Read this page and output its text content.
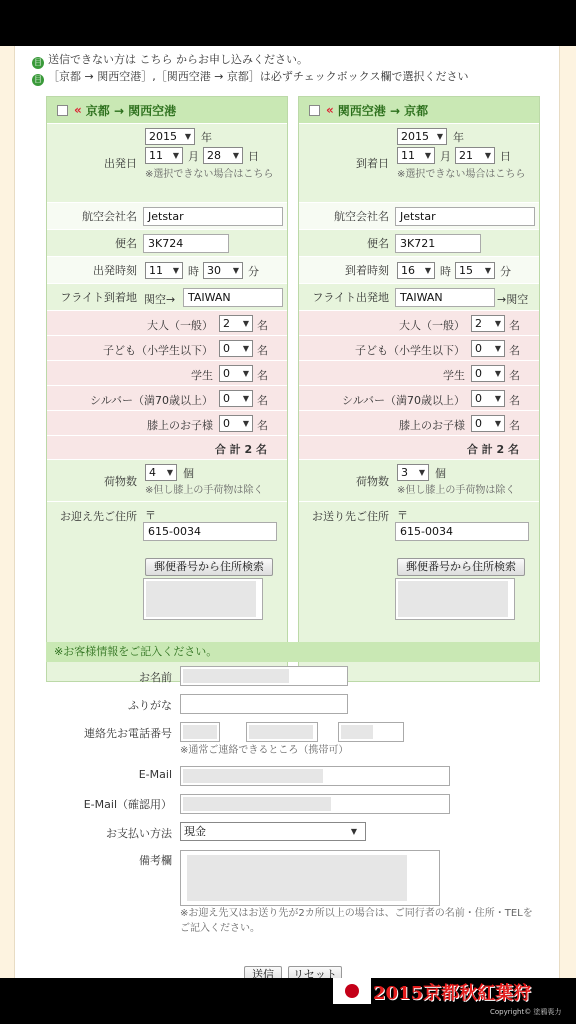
目 送信できない方は こちら からお申し込みください。
目 ［京都 → 関西空港］,［関西空港 → 京都］は必ずチェックボックス欄で選択ください
« 京都 → 関西空港
出発日
2015 ▼ 年
11 ▼ 月 28 ▼ 日
※選択できない場合はこちら
航空会社名	Jetstar
便名	3K724
出発時刻	11 ▼ 時 30 ▼ 分
フライト到着地 関空→	TAIWAN
大人（一般） 2 ▼ 名
子ども（小学生以下） 0 ▼ 名
学生 0 ▼ 名
シルバー（満70歳以上） 0 ▼ 名
膝上のお子様 0 ▼ 名
合 計 2 名
荷物数
4 ▼ 個
※但し膝上の手荷物は除く
お迎え先ご住所 〒
615-0034
郵便番号から住所検索
« 関西空港 → 京都
到着日
2015 ▼ 年
11 ▼ 月 21 ▼ 日
※選択できない場合はこちら
航空会社名	Jetstar
便名	3K721
到着時刻	16 ▼ 時 15 ▼ 分
フライト出発地	TAIWAN	→関空
大人（一般） 2 ▼ 名
子ども（小学生以下） 0 ▼ 名
学生 0 ▼ 名
シルバー（満70歳以上） 0 ▼ 名
膝上のお子様 0 ▼ 名
合 計 2 名
荷物数
3 ▼ 個
※但し膝上の手荷物は除く
お送り先ご住所 〒
615-0034
郵便番号から住所検索
※お客様情報をご記入ください。
お名前
ふりがな
連絡先お電話番号
※通常ご連絡できるところ（携帯可）
E-Mail
E-Mail（確認用）
お支払い方法	現金	▼
備考欄
※お迎え先又はお送り先が2カ所以上の場合は、ご同行者の名前・住所・TELをご記入ください。
送信	リセット
2015京都秋紅葉狩
Copyright© 塗鴉喪力
